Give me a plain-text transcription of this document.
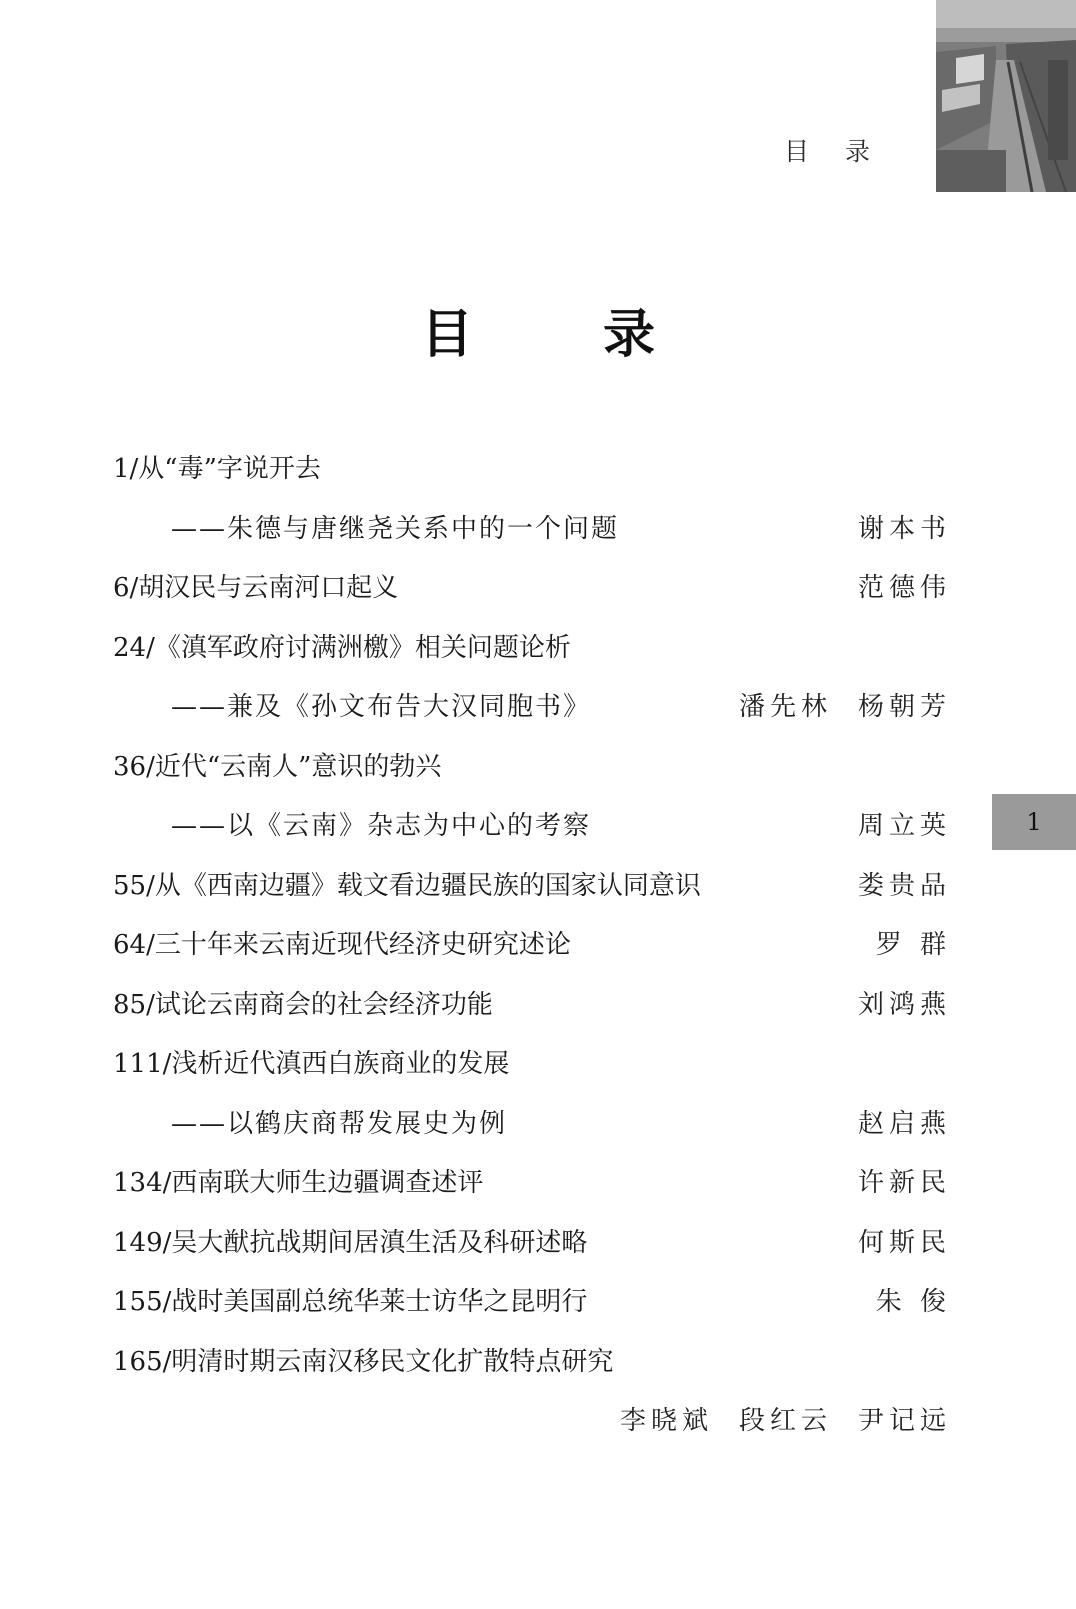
目 录
目 录
1/从“毒”字说开去
——朱德与唐继尧关系中的一个问题	谢本书
6/胡汉民与云南河口起义	范德伟
24/《滇军政府讨满洲檄》相关问题论析
——兼及《孙文布告大汉同胞书》	潘先林 杨朝芳
36/近代“云南人”意识的勃兴
——以《云南》杂志为中心的考察	周立英
55/从《西南边疆》载文看边疆民族的国家认同意识	娄贵品
64/三十年来云南近现代经济史研究述论	罗 群
85/试论云南商会的社会经济功能	刘鸿燕
111/浅析近代滇西白族商业的发展
——以鹤庆商帮发展史为例	赵启燕
134/西南联大师生边疆调查述评	许新民
149/吴大猷抗战期间居滇生活及科研述略	何斯民
155/战时美国副总统华莱士访华之昆明行	朱 俊
165/明清时期云南汉移民文化扩散特点研究
李晓斌 段红云 尹记远
1
